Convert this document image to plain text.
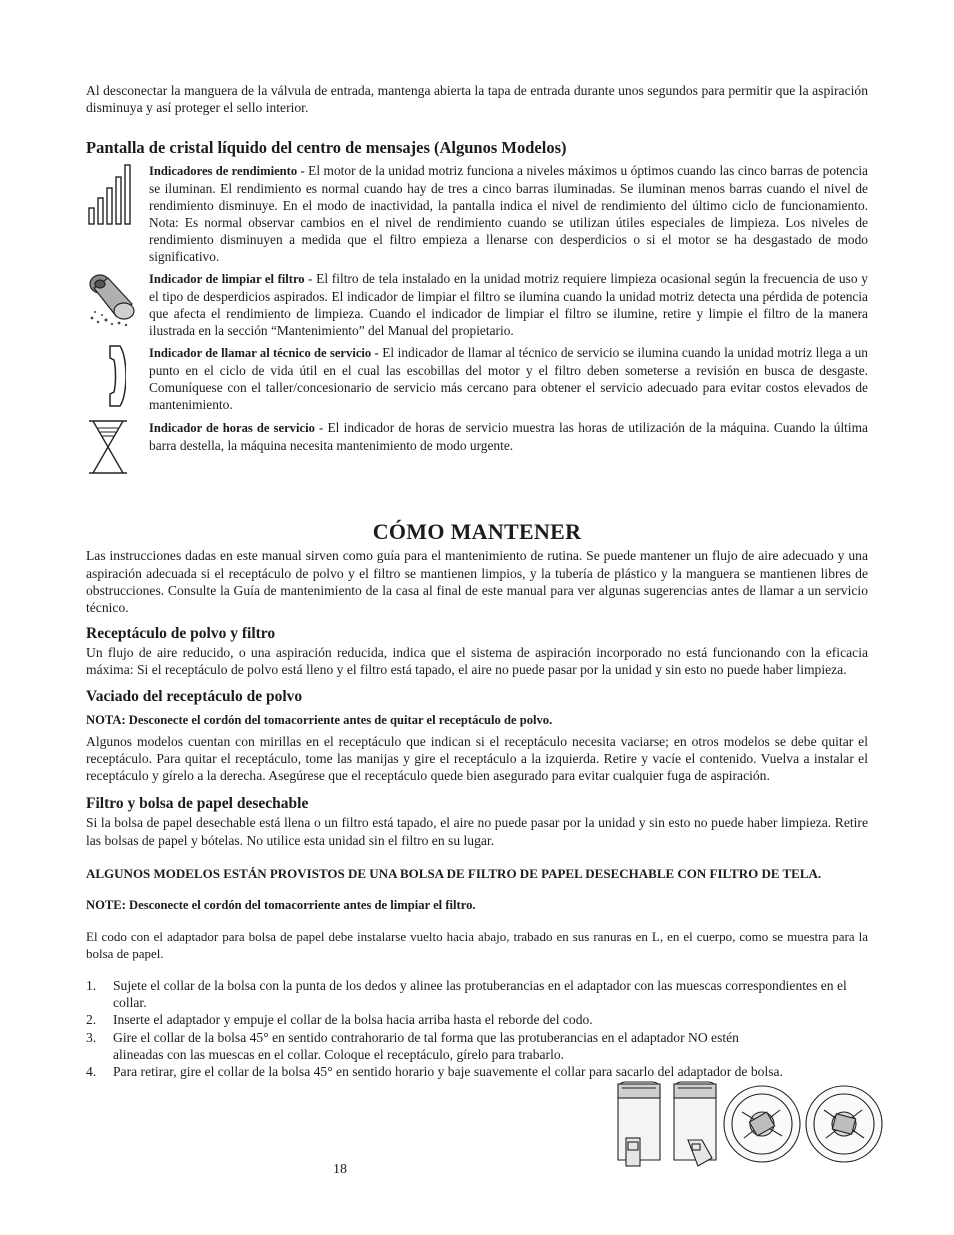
Al desconectar la manguera de la válvula de entrada, mantenga abierta la tapa de entrada durante unos segundos para permitir que la aspiración disminuya y así proteger el sello interior.

Pantalla de cristal líquido del centro de mensajes (Algunos Modelos)

Indicadores de rendimiento - El motor de la unidad motriz funciona a niveles máximos u óptimos cuando las cinco barras de potencia se iluminan. El rendimiento es normal cuando hay de tres a cinco barras iluminadas. Se iluminan menos barras cuando el nivel de rendimiento disminuye. En el modo de inactividad, la pantalla indica el nivel de rendimiento del último ciclo de funcionamiento. Nota: Es normal observar cambios en el nivel de rendimiento cuando se utilizan útiles especiales de limpieza. Los niveles de rendimiento disminuyen a medida que el filtro empieza a llenarse con desperdicios o si el motor se ha desgastado de modo significativo.

Indicador de limpiar el filtro - El filtro de tela instalado en la unidad motriz requiere limpieza ocasional según la frecuencia de uso y el tipo de desperdicios aspirados. El indicador de limpiar el filtro se ilumina cuando la unidad motriz detecta una pérdida de potencia que afecta el rendimiento de limpieza. Cuando el indicador de limpiar el filtro se ilumine, retire y limpie el filtro de la manera ilustrada en la sección “Mantenimiento” del Manual del propietario.

Indicador de llamar al técnico de servicio - El indicador de llamar al técnico de servicio se ilumina cuando la unidad motriz llega a un punto en el ciclo de vida útil en el cual las escobillas del motor y el filtro deben someterse a revisión en busca de desgaste. Comuníquese con el taller/concesionario de servicio más cercano para obtener el servicio adecuado para evitar costos elevados de mantenimiento.

Indicador de horas de servicio - El indicador de horas de servicio muestra las horas de utilización de la máquina. Cuando la última barra destella, la máquina necesita mantenimiento de modo urgente.

CÓMO MANTENER

Las instrucciones dadas en este manual sirven como guía para el mantenimiento de rutina. Se puede mantener un flujo de aire adecuado y una aspiración adecuada si el receptáculo de polvo y el filtro se mantienen limpios, y la tubería de plástico y la manguera se mantienen libres de obstrucciones. Consulte la Guía de mantenimiento de la casa al final de este manual para ver algunas sugerencias antes de llamar a un servicio técnico.

Receptáculo de polvo y filtro

Un flujo de aire reducido, o una aspiración reducida, indica que el sistema de aspiración incorporado no está funcionando con la eficacia máxima: Si el receptáculo de polvo está lleno y el filtro está tapado, el aire no puede pasar por la unidad y sin esto no puede haber limpieza.

Vaciado del receptáculo de polvo

NOTA: Desconecte el cordón del tomacorriente antes de quitar el receptáculo de polvo.

Algunos modelos cuentan con mirillas en el receptáculo que indican si el receptáculo necesita vaciarse; en otros modelos se debe quitar el receptáculo. Para quitar el receptáculo, tome las manijas y gire el receptáculo a la izquierda. Retire y vacíe el contenido. Vuelva a instalar el receptáculo y gírelo a la derecha. Asegúrese que el receptáculo quede bien asegurado para evitar cualquier fuga de aspiración.

Filtro y bolsa de papel desechable

Si la bolsa de papel desechable está llena o un filtro está tapado, el aire no puede pasar por la unidad y sin esto no puede haber limpieza. Retire las bolsas de papel y bótelas. No utilice esta unidad sin el filtro en su lugar.

ALGUNOS MODELOS ESTÁN PROVISTOS DE UNA BOLSA DE FILTRO DE PAPEL DESECHABLE CON FILTRO DE TELA.

NOTE: Desconecte el cordón del tomacorriente antes de limpiar el filtro.

El codo con el adaptador para bolsa de papel debe instalarse vuelto hacia abajo, trabado en sus ranuras en L, en el cuerpo, como se muestra para la bolsa de papel.

1.	Sujete el collar de la bolsa con la punta de los dedos y alinee las protuberancias en el adaptador con las muescas correspondientes en el collar.
2.	Inserte el adaptador y empuje el collar de la bolsa hacia arriba hasta el reborde del codo.
3.	Gire el collar de la bolsa 45° en sentido contrahorario de tal forma que las protuberancias en el adaptador NO estén
alineadas con las muescas en el collar. Coloque el receptáculo, gírelo para trabarlo.
4.	Para retirar, gire el collar de la bolsa 45° en sentido horario y baje suavemente el collar para sacarlo del adaptador de bolsa.
18
